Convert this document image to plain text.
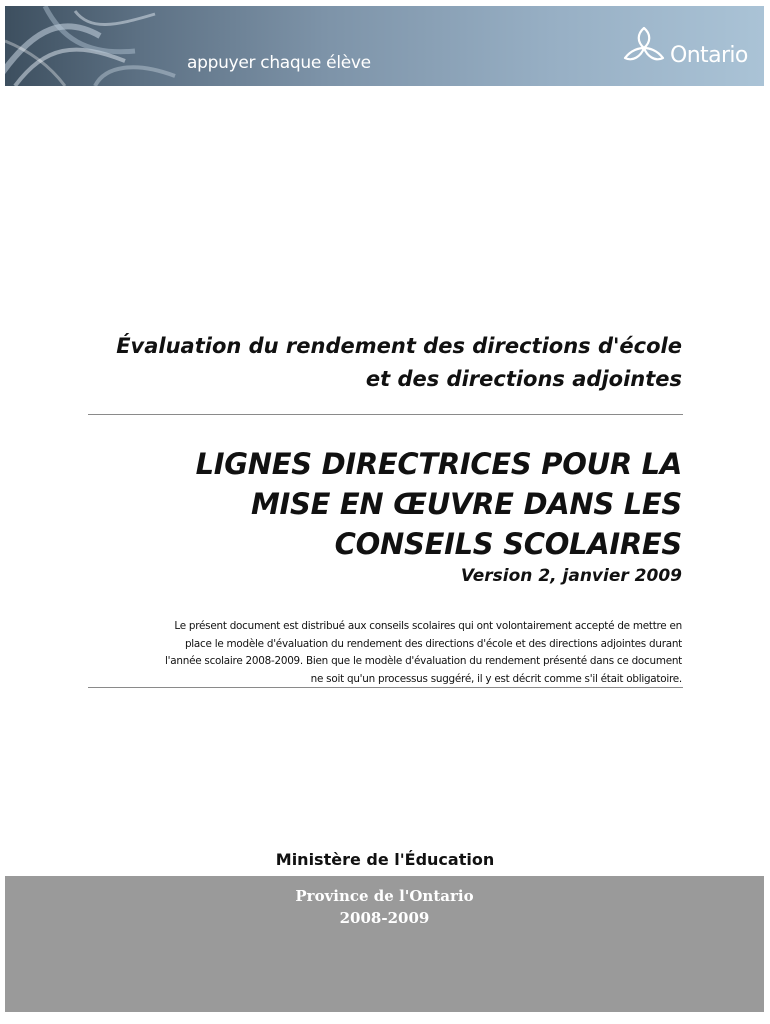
appuyer chaque élève	Ontario
Évaluation du rendement des directions d'école
et des directions adjointes
LIGNES DIRECTRICES POUR LA
MISE EN ŒUVRE DANS LES
CONSEILS SCOLAIRES
Version 2, janvier 2009
Le présent document est distribué aux conseils scolaires qui ont volontairement accepté de mettre en
place le modèle d'évaluation du rendement des directions d'école et des directions adjointes durant
l'année scolaire 2008-2009. Bien que le modèle d'évaluation du rendement présenté dans ce document
ne soit qu'un processus suggéré, il y est décrit comme s'il était obligatoire.
Ministère de l'Éducation
Province de l'Ontario
2008-2009
